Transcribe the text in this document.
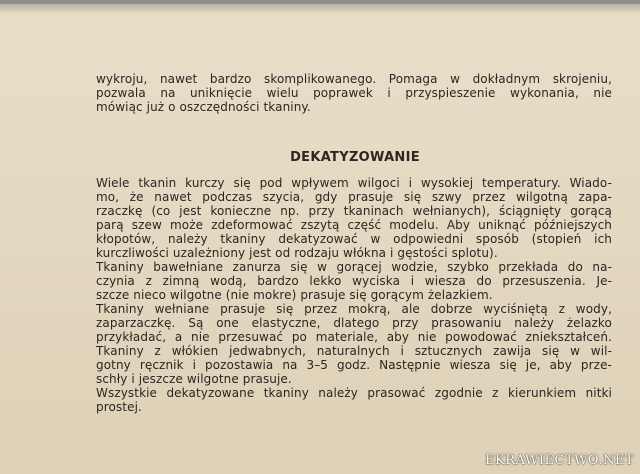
wykroju, nawet bardzo skomplikowanego. Pomaga w dokładnym skrojeniu,
pozwala na uniknięcie wielu poprawek i przyspieszenie wykonania, nie
mówiąc już o oszczędności tkaniny.
DEKATYZOWANIE
Wiele tkanin kurczy się pod wpływem wilgoci i wysokiej temperatury. Wiado-
mo, że nawet podczas szycia, gdy prasuje się szwy przez wilgotną zapa-
rzaczkę (co jest konieczne np. przy tkaninach wełnianych), ściągnięty gorącą
parą szew może zdeformować zszytą część modelu. Aby uniknąć późniejszych
kłopotów, należy tkaniny dekatyzować w odpowiedni sposób (stopień ich
kurczliwości uzależniony jest od rodzaju włókna i gęstości splotu).
Tkaniny bawełniane zanurza się w gorącej wodzie, szybko przekłada do na-
czynia z zimną wodą, bardzo lekko wyciska i wiesza do przesuszenia. Je-
szcze nieco wilgotne (nie mokre) prasuje się gorącym żelazkiem.
Tkaniny wełniane prasuje się przez mokrą, ale dobrze wyciśniętą z wody,
zaparzaczkę. Są one elastyczne, dlatego przy prasowaniu należy żelazko
przykładać, a nie przesuwać po materiale, aby nie powodować zniekształceń.
Tkaniny z włókien jedwabnych, naturalnych i sztucznych zawija się w wil-
gotny ręcznik i pozostawia na 3–5 godz. Następnie wiesza się je, aby prze-
schły i jeszcze wilgotne prasuje.
Wszystkie dekatyzowane tkaniny należy prasować zgodnie z kierunkiem nitki
prostej.
EKRAWIECTWO.NET
